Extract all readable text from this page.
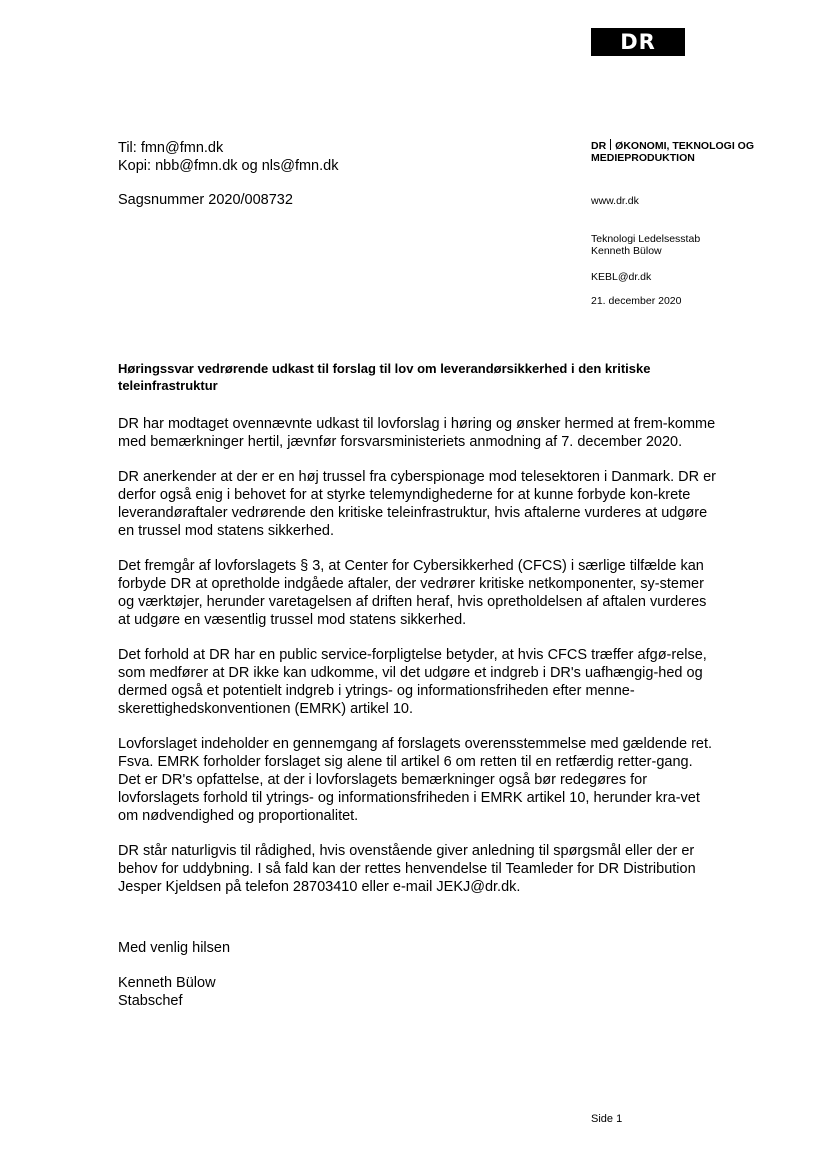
DR
Til: fmn@fmn.dk
Kopi: nbb@fmn.dk og nls@fmn.dk
Sagsnummer 2020/008732
DR ØKONOMI, TEKNOLOGI OG
MEDIEPRODUKTION
www.dr.dk
Teknologi Ledelsesstab
Kenneth Bülow
KEBL@dr.dk
21. december 2020
Høringssvar vedrørende udkast til forslag til lov om leverandørsikkerhed i den kritiske teleinfrastruktur

DR har modtaget ovennævnte udkast til lovforslag i høring og ønsker hermed at frem-komme med bemærkninger hertil, jævnfør forsvarsministeriets anmodning af 7. december 2020.

DR anerkender at der er en høj trussel fra cyberspionage mod telesektoren i Danmark. DR er derfor også enig i behovet for at styrke telemyndighederne for at kunne forbyde kon-krete leverandøraftaler vedrørende den kritiske teleinfrastruktur, hvis aftalerne vurderes at udgøre en trussel mod statens sikkerhed.

Det fremgår af lovforslagets § 3, at Center for Cybersikkerhed (CFCS) i særlige tilfælde kan forbyde DR at opretholde indgåede aftaler, der vedrører kritiske netkomponenter, sy-stemer og værktøjer, herunder varetagelsen af driften heraf, hvis opretholdelsen af aftalen vurderes at udgøre en væsentlig trussel mod statens sikkerhed.

Det forhold at DR har en public service-forpligtelse betyder, at hvis CFCS træffer afgø-relse, som medfører at DR ikke kan udkomme, vil det udgøre et indgreb i DR's uafhængig-hed og dermed også et potentielt indgreb i ytrings- og informationsfriheden efter menne-skerettighedskonventionen (EMRK) artikel 10.

Lovforslaget indeholder en gennemgang af forslagets overensstemmelse med gældende ret. Fsva. EMRK forholder forslaget sig alene til artikel 6 om retten til en retfærdig retter-gang. Det er DR's opfattelse, at der i lovforslagets bemærkninger også bør redegøres for lovforslagets forhold til ytrings- og informationsfriheden i EMRK artikel 10, herunder kra-vet om nødvendighed og proportionalitet.

DR står naturligvis til rådighed, hvis ovenstående giver anledning til spørgsmål eller der er behov for uddybning. I så fald kan der rettes henvendelse til Teamleder for DR Distribution Jesper Kjeldsen på telefon 28703410 eller e-mail JEKJ@dr.dk.

Med venlig hilsen
Kenneth Bülow
Stabschef
Side 1
